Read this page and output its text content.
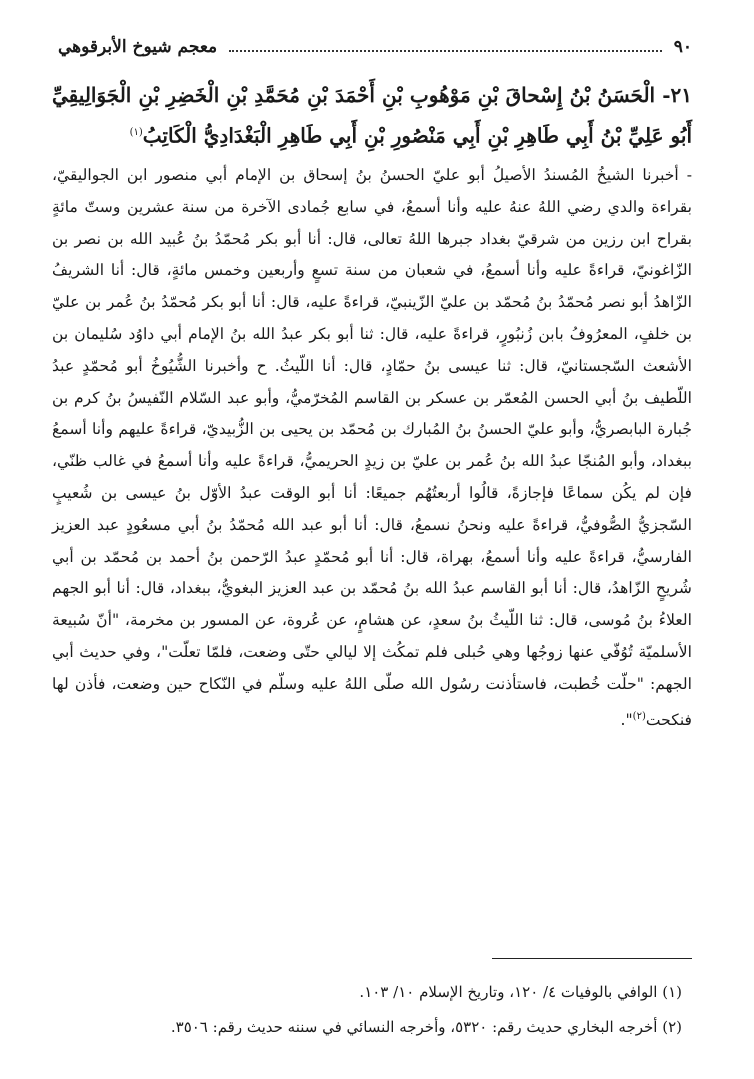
٩٠
معجم شيوخ الأبرقوهي
٢١- الْحَسَنُ بْنُ إِسْحاقَ بْنِ مَوْهُوبِ بْنِ أَحْمَدَ بْنِ مُحَمَّدِ بْنِ الْخَضِرِ بْنِ الْجَوَالِيقِيِّ أَبُو عَلِيِّ بْنُ أَبِي طَاهِرِ بْنِ أَبِي مَنْصُورِ بْنِ أَبِي طَاهِرِ الْبَغْدَادِيُّ الْكَاتِبُ$^{(١)}$
- أخبرنا الشيخُ المُسندُ الأصيلُ أبو عليّ الحسنُ بنُ إسحاق بن الإمام أبي منصور ابن الجواليقيّ، بقراءة والدي رضي اللهُ عنهُ عليه وأنا أسمعُ، في سابع جُمادى الآخرة من سنة عشرين وستّ مائةٍ بقراح ابن رزين من شرقيّ بغداد جبرها اللهُ تعالى، قال: أنا أبو بكر مُحمّدُ بنُ عُبيد الله بن نصر بن الزّاغونيّ، قراءةً عليه وأنا أسمعُ، في شعبان من سنة تسعٍ وأربعين وخمس مائةٍ، قال: أنا الشريفُ الزّاهدُ أبو نصر مُحمّدُ بنُ مُحمّد بن عليّ الزّينبيّ، قراءةً عليه، قال: أنا أبو بكر مُحمّدُ بنُ عُمر بن عليّ بن خلفٍ، المعرُوفُ بابن زُنبُورٍ، قراءةً عليه، قال: ثنا أبو بكر عبدُ الله بنُ الإمام أبي داوُد سُليمان بن الأشعث السّجستانيّ، قال: ثنا عيسى بنُ حمّادٍ، قال: أنا اللّيثُ. ح وأخبرنا الشُّيُوخُ أبو مُحمّدٍ عبدُ اللّطيف بنُ أبي الحسن المُعمّر بن عسكر بن القاسم المُخرّميُّ، وأبو عبد السّلام النّفيسُ بنُ كرم بن جُبارة البابصريُّ، وأبو عليّ الحسنُ بنُ المُبارك بن مُحمّد بن يحيى بن الزُّبيديّ، قراءةً عليهم وأنا أسمعُ ببغداد، وأبو المُنجّا عبدُ الله بنُ عُمر بن عليّ بن زيدٍ الحريميُّ، قراءةً عليه وأنا أسمعُ في غالب ظنّي، فإن لم يكُن سماعًا فإجازةً، قالُوا أربعتُهُم جميعًا: أنا أبو الوقت عبدُ الأوّل بنُ عيسى بن شُعيبٍ السّجزيُّ الصُّوفيُّ، قراءةً عليه ونحنُ نسمعُ، قال: أنا أبو عبد الله مُحمّدُ بنُ أبي مسعُودٍ عبد العزيز الفارسيُّ، قراءةً عليه وأنا أسمعُ، بهراة، قال: أنا أبو مُحمّدٍ عبدُ الرّحمن بنُ أحمد بن مُحمّد بن أبي شُريحٍ الزّاهدُ، قال: أنا أبو القاسم عبدُ الله بنُ مُحمّد بن عبد العزيز البغويُّ، ببغداد، قال: أنا أبو الجهم العلاءُ بنُ مُوسى، قال: ثنا اللّيثُ بنُ سعدٍ، عن هشامٍ، عن عُروة، عن المسور بن مخرمة، "أنّ سُبيعة الأسلميّة تُوُفّي عنها زوجُها وهي حُبلى فلم تمكُث إلا ليالي حتّى وضعت، فلمّا تعلّت"، وفي حديث أبي الجهم: "حلّت خُطبت، فاستأذنت رسُول الله صلّى اللهُ عليه وسلّم في النّكاح حين وضعت، فأذن لها فنكحت$^{(٢)}$".
(١) الوافي بالوفيات ٤/ ١٢٠، وتاريخ الإسلام ١٠/ ١٠٣.
(٢) أخرجه البخاري حديث رقم: ٥٣٢٠، وأخرجه النسائي في سننه حديث رقم: ٣٥٠٦.
